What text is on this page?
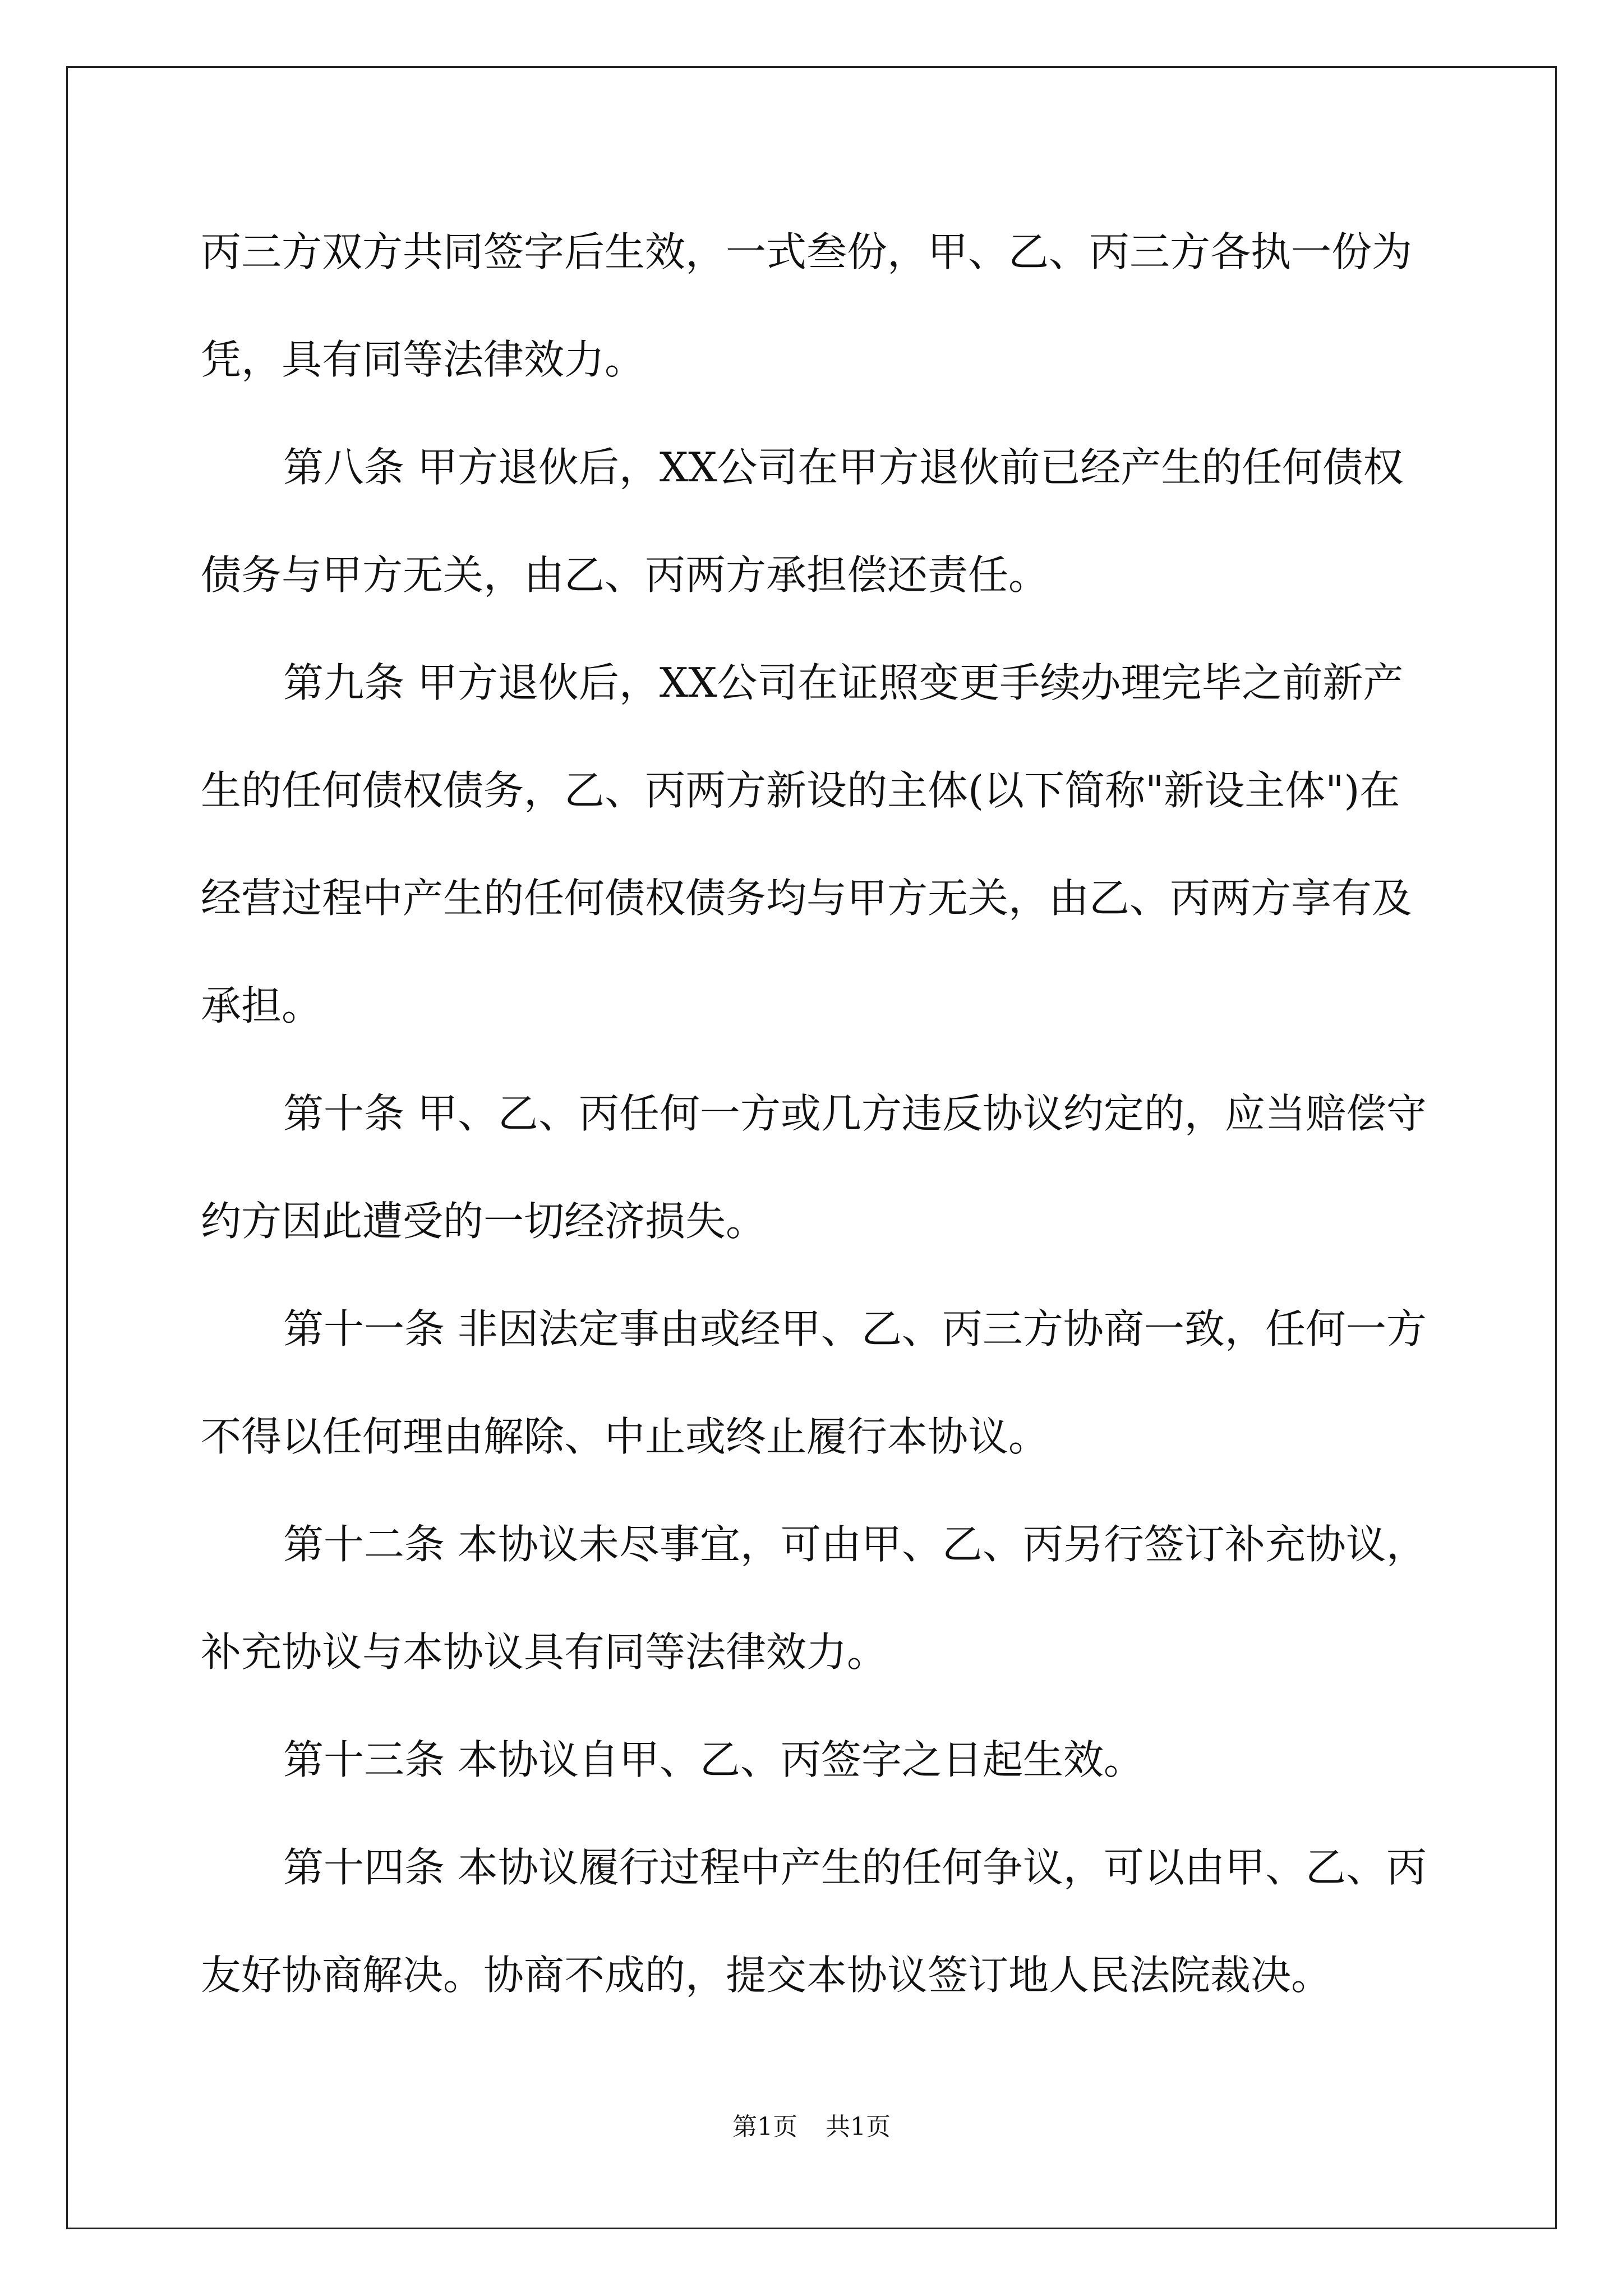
丙三方双方共同签字后生效，一式叁份，甲、乙、丙三方各执一份为
凭，具有同等法律效力。
第八条 甲方退伙后，XX公司在甲方退伙前已经产生的任何债权
债务与甲方无关，由乙、丙两方承担偿还责任。
第九条 甲方退伙后，XX公司在证照变更手续办理完毕之前新产
生的任何债权债务，乙、丙两方新设的主体(以下简称"新设主体")在
经营过程中产生的任何债权债务均与甲方无关，由乙、丙两方享有及
承担。
第十条 甲、乙、丙任何一方或几方违反协议约定的，应当赔偿守
约方因此遭受的一切经济损失。
第十一条 非因法定事由或经甲、乙、丙三方协商一致，任何一方
不得以任何理由解除、中止或终止履行本协议。
第十二条 本协议未尽事宜，可由甲、乙、丙另行签订补充协议，
补充协议与本协议具有同等法律效力。
第十三条 本协议自甲、乙、丙签字之日起生效。
第十四条 本协议履行过程中产生的任何争议，可以由甲、乙、丙
友好协商解决。协商不成的，提交本协议签订地人民法院裁决。
第1页 共1页
